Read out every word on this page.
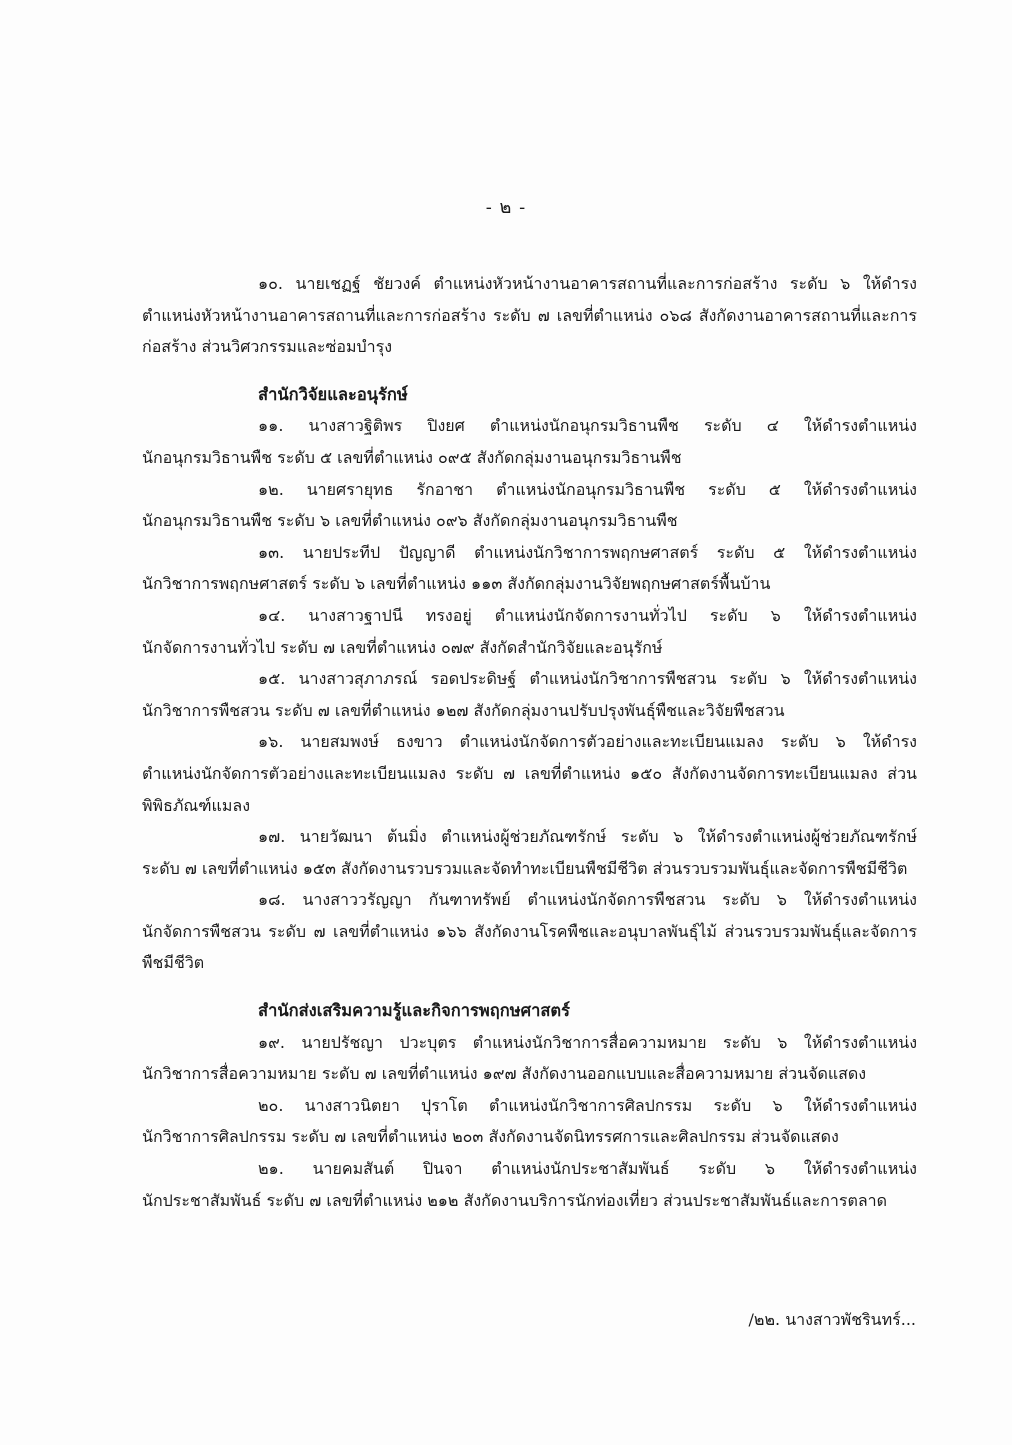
- ๒ -

๑๐. นายเชฏฐ์ ชัยวงค์ ตำแหน่งหัวหน้างานอาคารสถานที่และการก่อสร้าง ระดับ ๖ ให้ดำรง
ตำแหน่งหัวหน้างานอาคารสถานที่และการก่อสร้าง ระดับ ๗ เลขที่ตำแหน่ง ๐๖๘ สังกัดงานอาคารสถานที่และการก่อสร้าง ส่วนวิศวกรรมและซ่อมบำรุง

สำนักวิจัยและอนุรักษ์

๑๑. นางสาวฐิติพร ปิงยศ ตำแหน่งนักอนุกรมวิธานพืช ระดับ ๔ ให้ดำรงตำแหน่ง
นักอนุกรมวิธานพืช ระดับ ๕ เลขที่ตำแหน่ง ๐๙๕ สังกัดกลุ่มงานอนุกรมวิธานพืช

๑๒. นายศรายุทธ รักอาชา ตำแหน่งนักอนุกรมวิธานพืช ระดับ ๕ ให้ดำรงตำแหน่ง
นักอนุกรมวิธานพืช ระดับ ๖ เลขที่ตำแหน่ง ๐๙๖ สังกัดกลุ่มงานอนุกรมวิธานพืช

๑๓. นายประทีป ปัญญาดี ตำแหน่งนักวิชาการพฤกษศาสตร์ ระดับ ๕ ให้ดำรงตำแหน่ง
นักวิชาการพฤกษศาสตร์ ระดับ ๖ เลขที่ตำแหน่ง ๑๑๓ สังกัดกลุ่มงานวิจัยพฤกษศาสตร์พื้นบ้าน

๑๔. นางสาวฐาปนี ทรงอยู่ ตำแหน่งนักจัดการงานทั่วไป ระดับ ๖ ให้ดำรงตำแหน่ง
นักจัดการงานทั่วไป ระดับ ๗ เลขที่ตำแหน่ง ๐๗๙ สังกัดสำนักวิจัยและอนุรักษ์

๑๕. นางสาวสุภาภรณ์ รอดประดิษฐ์ ตำแหน่งนักวิชาการพืชสวน ระดับ ๖ ให้ดำรงตำแหน่ง
นักวิชาการพืชสวน ระดับ ๗ เลขที่ตำแหน่ง ๑๒๗ สังกัดกลุ่มงานปรับปรุงพันธุ์พืชและวิจัยพืชสวน

๑๖. นายสมพงษ์ ธงขาว ตำแหน่งนักจัดการตัวอย่างและทะเบียนแมลง ระดับ ๖ ให้ดำรง
ตำแหน่งนักจัดการตัวอย่างและทะเบียนแมลง ระดับ ๗ เลขที่ตำแหน่ง ๑๕๐ สังกัดงานจัดการทะเบียนแมลง ส่วนพิพิธภัณฑ์แมลง

๑๗. นายวัฒนา ต้นมิ่ง ตำแหน่งผู้ช่วยภัณฑรักษ์ ระดับ ๖ ให้ดำรงตำแหน่งผู้ช่วยภัณฑรักษ์
ระดับ ๗ เลขที่ตำแหน่ง ๑๕๓ สังกัดงานรวบรวมและจัดทำทะเบียนพืชมีชีวิต ส่วนรวบรวมพันธุ์และจัดการพืชมีชีวิต

๑๘. นางสาววรัญญา กันฑาทรัพย์ ตำแหน่งนักจัดการพืชสวน ระดับ ๖ ให้ดำรงตำแหน่ง
นักจัดการพืชสวน ระดับ ๗ เลขที่ตำแหน่ง ๑๖๖ สังกัดงานโรคพืชและอนุบาลพันธุ์ไม้ ส่วนรวบรวมพันธุ์และจัดการพืชมีชีวิต

สำนักส่งเสริมความรู้และกิจการพฤกษศาสตร์

๑๙. นายปรัชญา ปวะบุตร ตำแหน่งนักวิชาการสื่อความหมาย ระดับ ๖ ให้ดำรงตำแหน่ง
นักวิชาการสื่อความหมาย ระดับ ๗ เลขที่ตำแหน่ง ๑๙๗ สังกัดงานออกแบบและสื่อความหมาย ส่วนจัดแสดง

๒๐. นางสาวนิตยา ปุราโต ตำแหน่งนักวิชาการศิลปกรรม ระดับ ๖ ให้ดำรงตำแหน่ง
นักวิชาการศิลปกรรม ระดับ ๗ เลขที่ตำแหน่ง ๒๐๓ สังกัดงานจัดนิทรรศการและศิลปกรรม ส่วนจัดแสดง

๒๑. นายคมสันต์ ปินจา ตำแหน่งนักประชาสัมพันธ์ ระดับ ๖ ให้ดำรงตำแหน่ง
นักประชาสัมพันธ์ ระดับ ๗ เลขที่ตำแหน่ง ๒๑๒ สังกัดงานบริการนักท่องเที่ยว ส่วนประชาสัมพันธ์และการตลาด

/๒๒. นางสาวพัชรินทร์...
